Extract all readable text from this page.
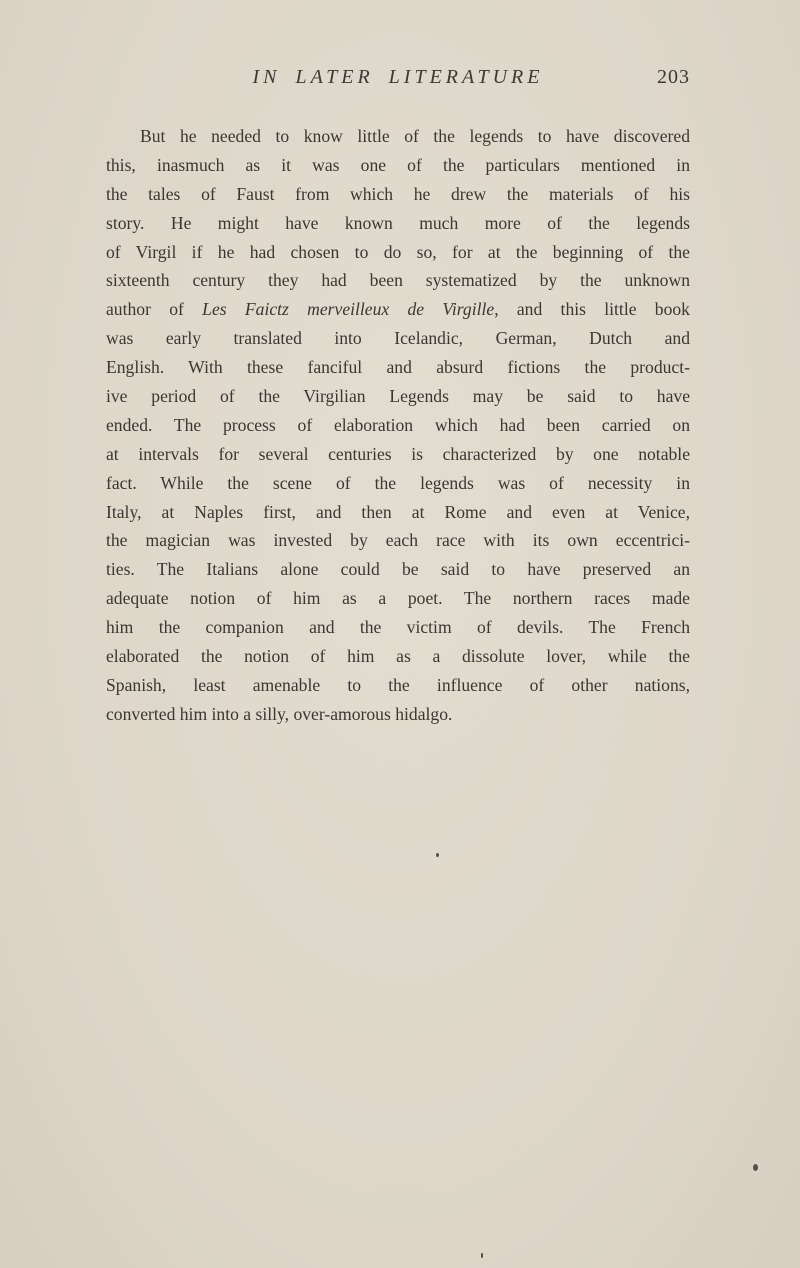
IN LATER LITERATURE	203
But he needed to know little of the legends to have discovered
this, inasmuch as it was one of the particulars mentioned in
the tales of Faust from which he drew the materials of his
story. He might have known much more of the legends
of Virgil if he had chosen to do so, for at the beginning of the
sixteenth century they had been systematized by the unknown
author of Les Faictz merveilleux de Virgille, and this little book
was early translated into Icelandic, German, Dutch and
English. With these fanciful and absurd fictions the product-
ive period of the Virgilian Legends may be said to have
ended. The process of elaboration which had been carried on
at intervals for several centuries is characterized by one notable
fact. While the scene of the legends was of necessity in
Italy, at Naples first, and then at Rome and even at Venice,
the magician was invested by each race with its own eccentrici-
ties. The Italians alone could be said to have preserved an
adequate notion of him as a poet. The northern races made
him the companion and the victim of devils. The French
elaborated the notion of him as a dissolute lover, while the
Spanish, least amenable to the influence of other nations,
converted him into a silly, over-amorous hidalgo.
